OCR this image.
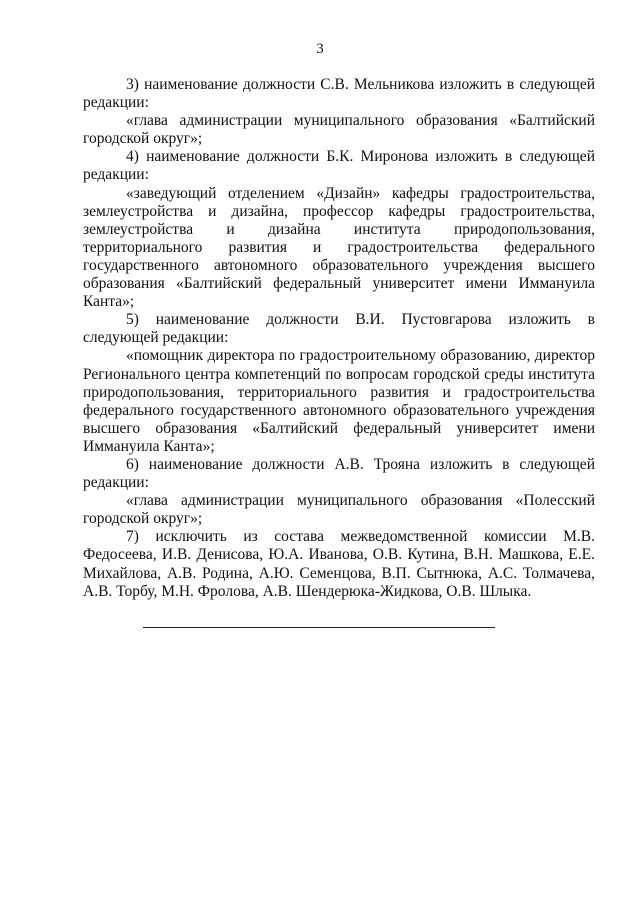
3

3) наименование должности С.В. Мельникова изложить в следующей редакции:

«глава администрации муниципального образования «Балтийский городской округ»;

4) наименование должности Б.К. Миронова изложить в следующей редакции:

«заведующий отделением «Дизайн» кафедры градостроительства, землеустройства и дизайна, профессор кафедры градостроительства, землеустройства и дизайна института природопользования, территориального развития и градостроительства федерального государственного автономного образовательного учреждения высшего образования «Балтийский федеральный университет имени Иммануила Канта»;

5) наименование должности В.И. Пустовгарова изложить в следующей редакции:

«помощник директора по градостроительному образованию, директор Регионального центра компетенций по вопросам городской среды института природопользования, территориального развития и градостроительства федерального государственного автономного образовательного учреждения высшего образования «Балтийский федеральный университет имени Иммануила Канта»;

6) наименование должности А.В. Трояна изложить в следующей редакции:

«глава администрации муниципального образования «Полесский городской округ»;

7) исключить из состава межведомственной комиссии М.В. Федосеева, И.В. Денисова, Ю.А. Иванова, О.В. Кутина, В.Н. Машкова, Е.Е. Михайлова, А.В. Родина, А.Ю. Семенцова, В.П. Сытнюка, А.С. Толмачева, А.В. Торбу, М.Н. Фролова, А.В. Шендерюка-Жидкова, О.В. Шлыка.
